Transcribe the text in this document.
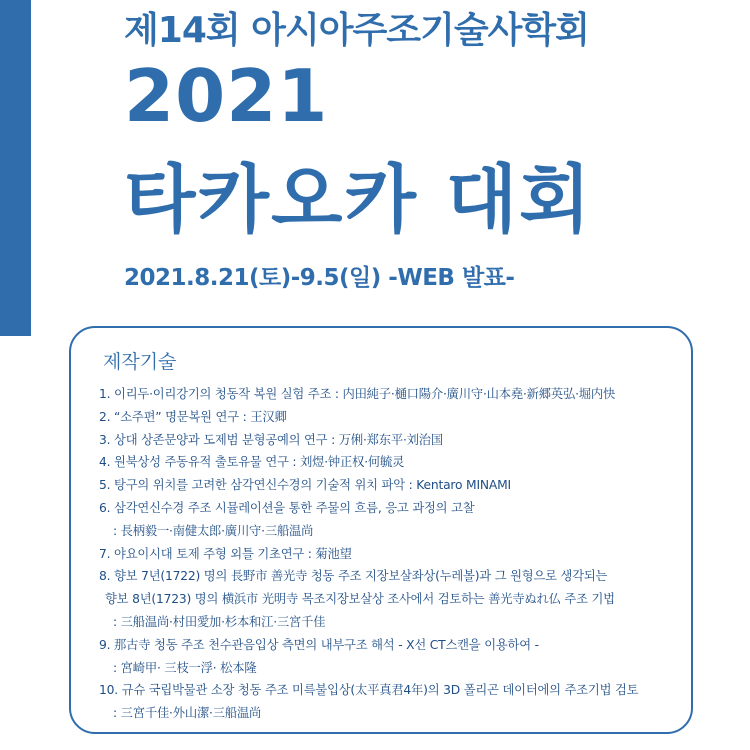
제14회 아시아주조기술사학회
2021
타카오카 대회
2021.8.21(토)-9.5(일) -WEB 발표-
제작기술
1. 이리두·이리강기의 청동작 복원 실험 주조 : 内田純子·樋口陽介·廣川守·山本堯·新郷英弘·堀内快
2. “소주편” 명문복원 연구 : 王汉卿
3. 상대 상존문양과 도제범 분형공예의 연구 : 万俐·郑东平·刘治国
4. 원북상성 주동유적 출토유물 연구 : 刘煜·钟正权·何毓灵
5. 탕구의 위치를 고려한 삼각연신수경의 기술적 위치 파악 : Kentaro MINAMI
6. 삼각연신수경 주조 시뮬레이션을 통한 주물의 흐름, 응고 과정의 고찰
: 長柄毅一·南健太郎·廣川守·三船温尚
7. 야요이시대 토제 주형 외틀 기초연구 : 菊池望
8. 향보 7년(1722) 명의 長野市 善光寺 청동 주조 지장보살좌상(누레볼)과 그 원형으로 생각되는
향보 8년(1723) 명의 横浜市 光明寺 목조지장보살상 조사에서 검토하는 善光寺ぬれ仏 주조 기법
: 三船温尚·村田愛加·杉本和江·三宮千佳
9. 那古寺 청동 주조 천수관음입상 측면의 내부구조 해석 - X선 CT스캔을 이용하여 -
: 宮崎甲· 三枝一浮· 松本隆
10. 규슈 국립박물관 소장 청동 주조 미륵불입상(太平真君4年)의 3D 폴리곤 데이터에의 주조기법 검토
: 三宮千佳·外山潔·三船温尚
